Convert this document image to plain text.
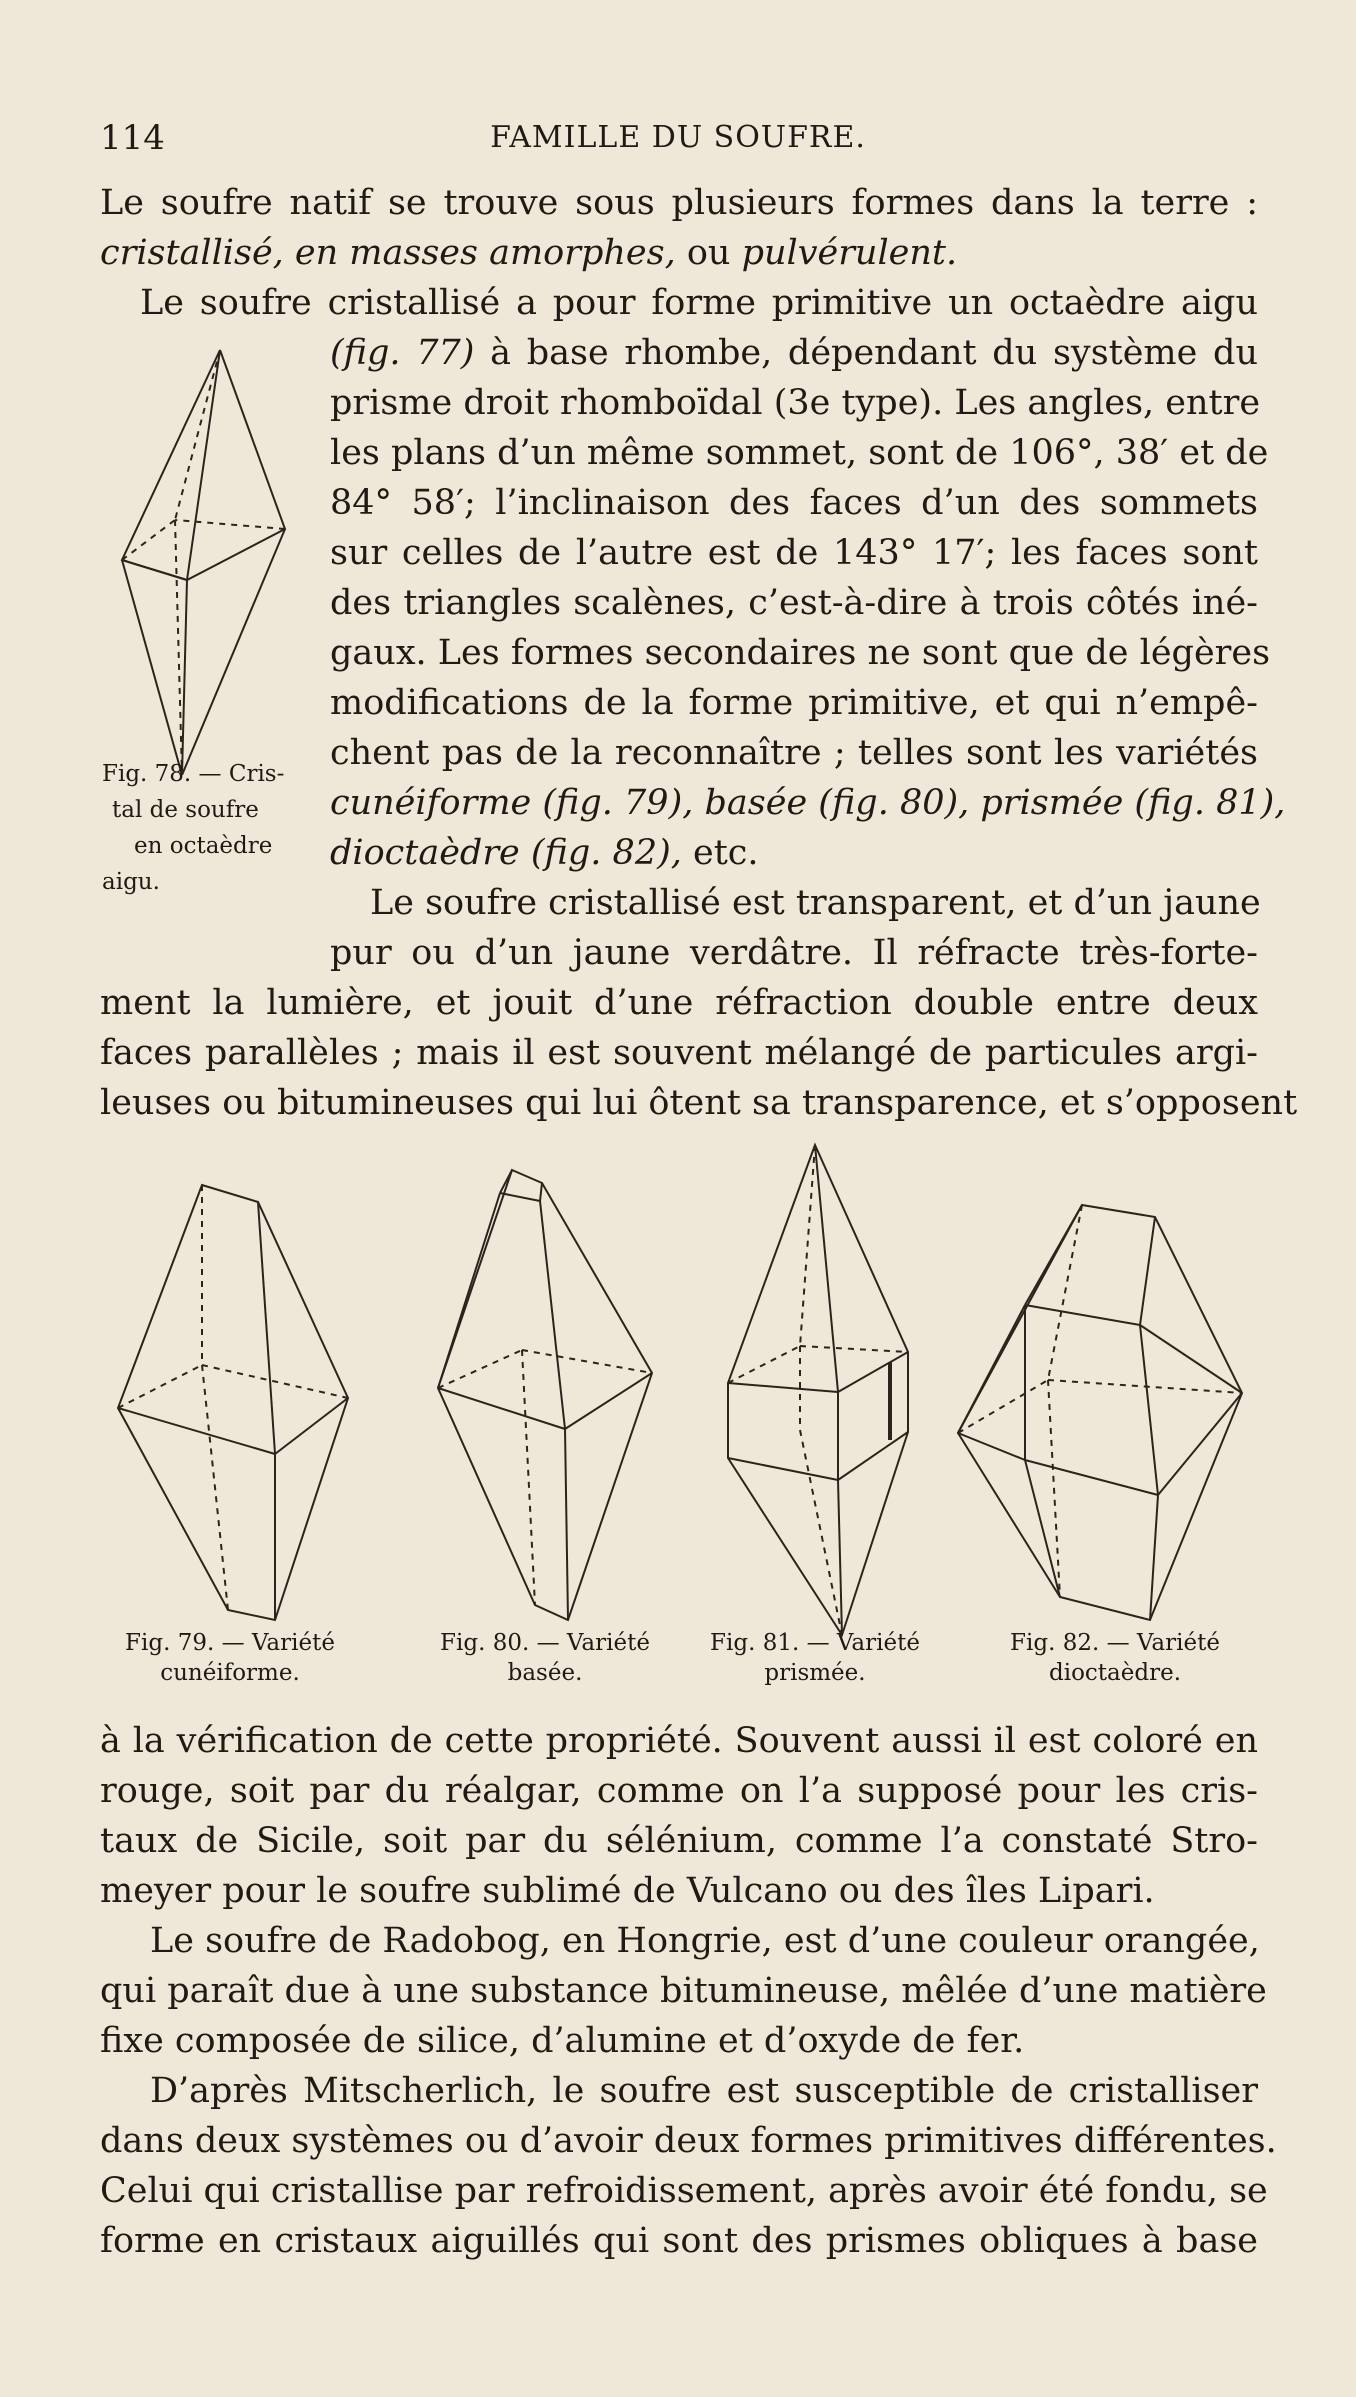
114	FAMILLE DU SOUFRE.
Le soufre natif se trouve sous plusieurs formes dans la terre :
cristallisé, en masses amorphes, ou pulvérulent.
Le soufre cristallisé a pour forme primitive un octaèdre aigu
(fig. 77) à base rhombe, dépendant du système du
prisme droit rhomboïdal (3e type). Les angles, entre
les plans d’un même sommet, sont de 106°, 38′ et de
84° 58′; l’inclinaison des faces d’un des sommets
sur celles de l’autre est de 143° 17′; les faces sont
des triangles scalènes, c’est-à-dire à trois côtés iné-
gaux. Les formes secondaires ne sont que de légères
modifications de la forme primitive, et qui n’empê-
chent pas de la reconnaître ; telles sont les variétés
cunéiforme (fig. 79), basée (fig. 80), prismée (fig. 81),
dioctaèdre (fig. 82), etc.
Le soufre cristallisé est transparent, et d’un jaune
pur ou d’un jaune verdâtre. Il réfracte très-forte-
ment la lumière, et jouit d’une réfraction double entre deux
faces parallèles ; mais il est souvent mélangé de particules argi-
leuses ou bitumineuses qui lui ôtent sa transparence, et s’opposent
Fig. 78. — Cris-
tal de soufre
en octaèdre
aigu.
Fig. 79. — Variété
cunéiforme.
Fig. 80. — Variété
basée.
Fig. 81. — Variété
prismée.
Fig. 82. — Variété
dioctaèdre.
à la vérification de cette propriété. Souvent aussi il est coloré en
rouge, soit par du réalgar, comme on l’a supposé pour les cris-
taux de Sicile, soit par du sélénium, comme l’a constaté Stro-
meyer pour le soufre sublimé de Vulcano ou des îles Lipari.
Le soufre de Radobog, en Hongrie, est d’une couleur orangée,
qui paraît due à une substance bitumineuse, mêlée d’une matière
fixe composée de silice, d’alumine et d’oxyde de fer.
D’après Mitscherlich, le soufre est susceptible de cristalliser
dans deux systèmes ou d’avoir deux formes primitives différentes.
Celui qui cristallise par refroidissement, après avoir été fondu, se
forme en cristaux aiguillés qui sont des prismes obliques à base
